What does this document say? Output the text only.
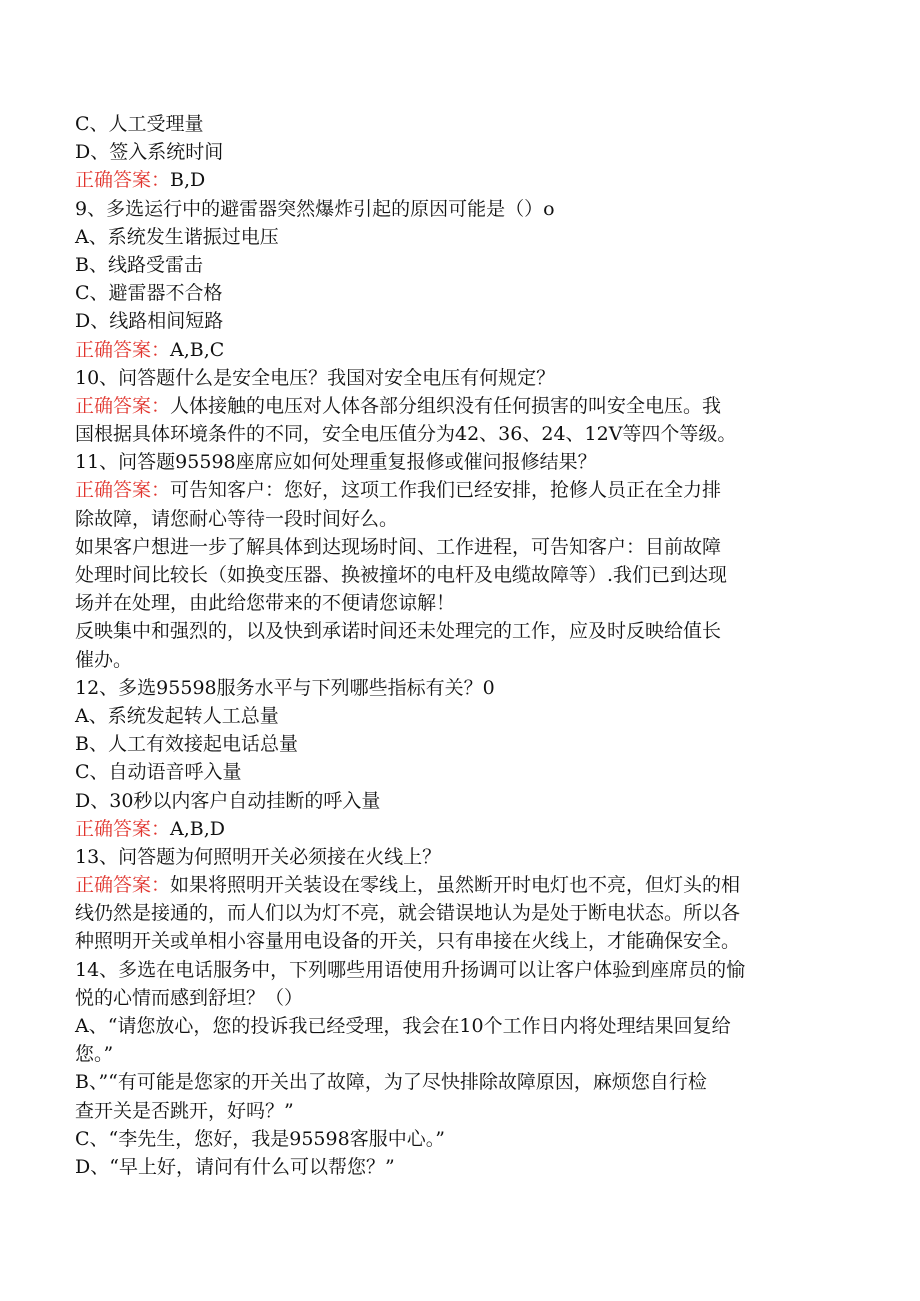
C、人工受理量
D、签入系统时间
正确答案：B,D
9、多选运行中的避雷器突然爆炸引起的原因可能是（）o
A、系统发生谐振过电压
B、线路受雷击
C、避雷器不合格
D、线路相间短路
正确答案：A,B,C
10、问答题什么是安全电压？我国对安全电压有何规定？
正确答案：人体接触的电压对人体各部分组织没有任何损害的叫安全电压。我
国根据具体环境条件的不同，安全电压值分为42、36、24、12V等四个等级。
11、问答题95598座席应如何处理重复报修或催问报修结果？
正确答案：可告知客户：您好，这项工作我们已经安排，抢修人员正在全力排
除故障，请您耐心等待一段时间好么。
如果客户想进一步了解具体到达现场时间、工作进程，可告知客户：目前故障
处理时间比较长（如换变压器、换被撞坏的电杆及电缆故障等）.我们已到达现
场并在处理，由此给您带来的不便请您谅解！
反映集中和强烈的，以及快到承诺时间还未处理完的工作，应及时反映给值长
催办。
12、多选95598服务水平与下列哪些指标有关？0
A、系统发起转人工总量
B、人工有效接起电话总量
C、自动语音呼入量
D、30秒以内客户自动挂断的呼入量
正确答案：A,B,D
13、问答题为何照明开关必须接在火线上？
正确答案：如果将照明开关装设在零线上，虽然断开时电灯也不亮，但灯头的相
线仍然是接通的，而人们以为灯不亮，就会错误地认为是处于断电状态。所以各
种照明开关或单相小容量用电设备的开关，只有串接在火线上，才能确保安全。
14、多选在电话服务中，下列哪些用语使用升扬调可以让客户体验到座席员的愉
悦的心情而感到舒坦？（）
A、“请您放心，您的投诉我已经受理，我会在10个工作日内将处理结果回复给
您。”
B、”“有可能是您家的开关出了故障，为了尽快排除故障原因，麻烦您自行检
查开关是否跳开，好吗？”
C、“李先生，您好，我是95598客服中心。”
D、“早上好，请问有什么可以帮您？”
